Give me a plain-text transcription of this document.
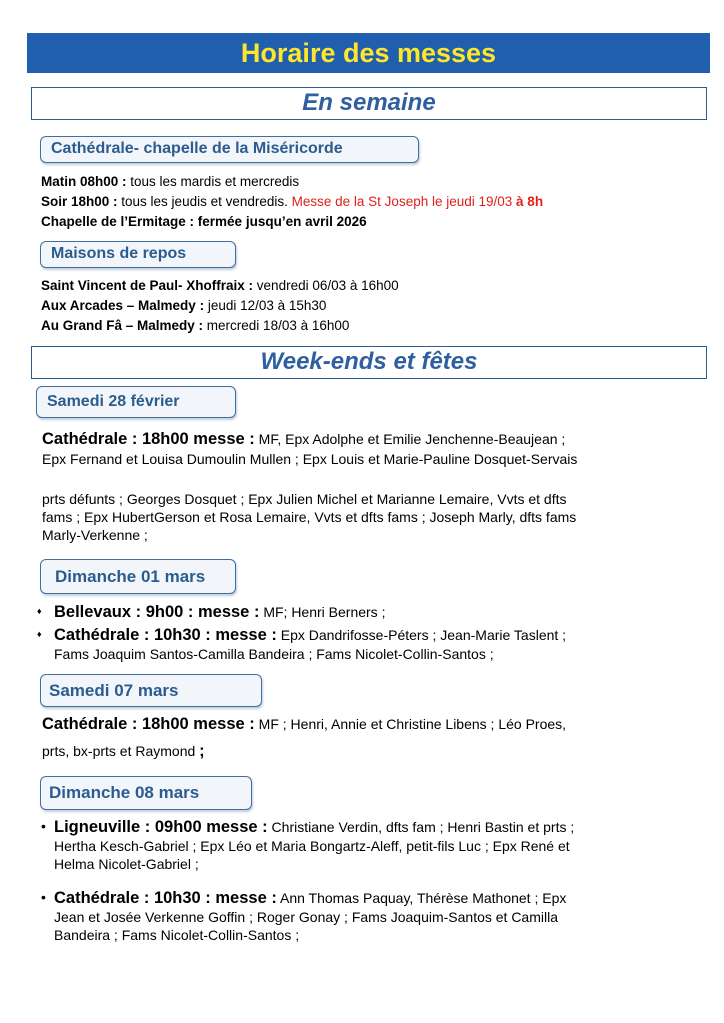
Horaire des messes
En semaine
Cathédrale- chapelle de la Miséricorde
Matin 08h00 : tous les mardis et mercredis
Soir 18h00 : tous les jeudis et vendredis. Messe de la St Joseph le jeudi 19/03 à 8h
Chapelle de l’Ermitage : fermée jusqu’en avril 2026
Maisons de repos
Saint Vincent de Paul- Xhoffraix : vendredi 06/03 à 16h00
Aux Arcades – Malmedy : jeudi 12/03 à 15h30
Au Grand Fâ – Malmedy : mercredi 18/03 à 16h00
Week-ends et fêtes
Samedi 28 février
Cathédrale : 18h00 messe : MF, Epx Adolphe et Emilie Jenchenne-Beaujean ;
Epx Fernand et Louisa Dumoulin Mullen ; Epx Louis et Marie-Pauline Dosquet-Servais
prts défunts ; Georges Dosquet ; Epx Julien Michel et Marianne Lemaire, Vvts et dfts
fams ; Epx HubertGerson et Rosa Lemaire, Vvts et dfts fams ; Joseph Marly, dfts fams
Marly-Verkenne ;
Dimanche 01 mars
♦ Bellevaux : 9h00 : messe : MF; Henri Berners ;
♦ Cathédrale : 10h30 : messe : Epx Dandrifosse-Péters ; Jean-Marie Taslent ;
Fams Joaquim Santos-Camilla Bandeira ; Fams Nicolet-Collin-Santos ;
Samedi 07 mars
Cathédrale : 18h00 messe : MF ; Henri, Annie et Christine Libens ; Léo Proes,
prts, bx-prts et Raymond ;
Dimanche 08 mars
• Ligneuville : 09h00 messe : Christiane Verdin, dfts fam ; Henri Bastin et prts ;
Hertha Kesch-Gabriel ; Epx Léo et Maria Bongartz-Aleff, petit-fils Luc ; Epx René et
Helma Nicolet-Gabriel ;
• Cathédrale : 10h30 : messe : Ann Thomas Paquay, Thérèse Mathonet ; Epx
Jean et Josée Verkenne Goffin ; Roger Gonay ; Fams Joaquim-Santos et Camilla
Bandeira ; Fams Nicolet-Collin-Santos ;
